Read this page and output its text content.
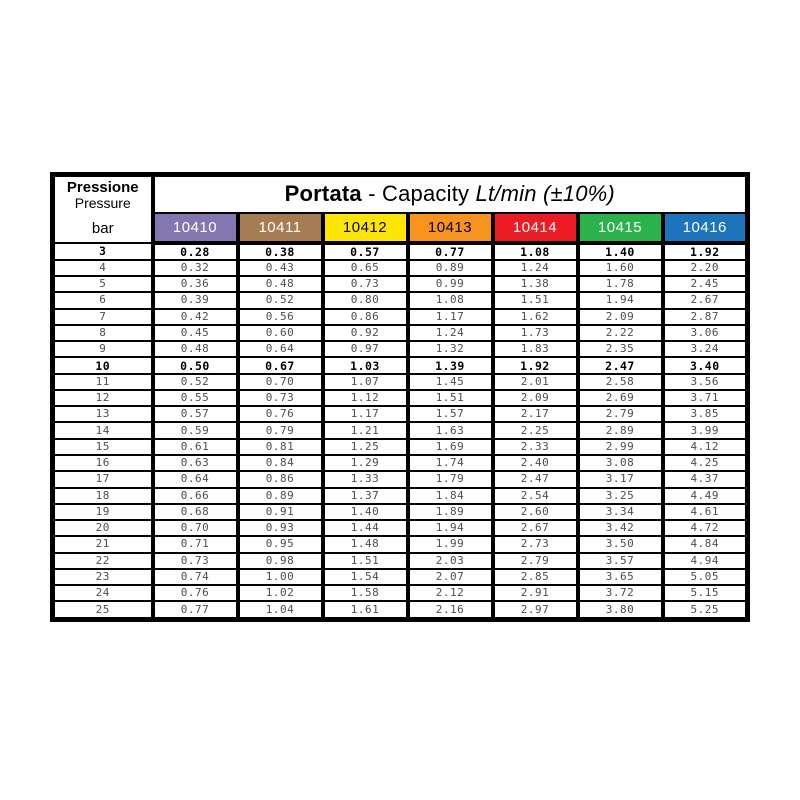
Pressione
Pressure
bar	Portata - Capacity Lt/min (±10%)						
	10410	10411	10412	10413	10414	10415	10416
3	0.28	0.38	0.57	0.77	1.08	1.40	1.92
4	0.32	0.43	0.65	0.89	1.24	1.60	2.20
5	0.36	0.48	0.73	0.99	1.38	1.78	2.45
6	0.39	0.52	0.80	1.08	1.51	1.94	2.67
7	0.42	0.56	0.86	1.17	1.62	2.09	2.87
8	0.45	0.60	0.92	1.24	1.73	2.22	3.06
9	0.48	0.64	0.97	1.32	1.83	2.35	3.24
10	0.50	0.67	1.03	1.39	1.92	2.47	3.40
11	0.52	0.70	1.07	1.45	2.01	2.58	3.56
12	0.55	0.73	1.12	1.51	2.09	2.69	3.71
13	0.57	0.76	1.17	1.57	2.17	2.79	3.85
14	0.59	0.79	1.21	1.63	2.25	2.89	3.99
15	0.61	0.81	1.25	1.69	2.33	2.99	4.12
16	0.63	0.84	1.29	1.74	2.40	3.08	4.25
17	0.64	0.86	1.33	1.79	2.47	3.17	4.37
18	0.66	0.89	1.37	1.84	2.54	3.25	4.49
19	0.68	0.91	1.40	1.89	2.60	3.34	4.61
20	0.70	0.93	1.44	1.94	2.67	3.42	4.72
21	0.71	0.95	1.48	1.99	2.73	3.50	4.84
22	0.73	0.98	1.51	2.03	2.79	3.57	4.94
23	0.74	1.00	1.54	2.07	2.85	3.65	5.05
24	0.76	1.02	1.58	2.12	2.91	3.72	5.15
25	0.77	1.04	1.61	2.16	2.97	3.80	5.25
